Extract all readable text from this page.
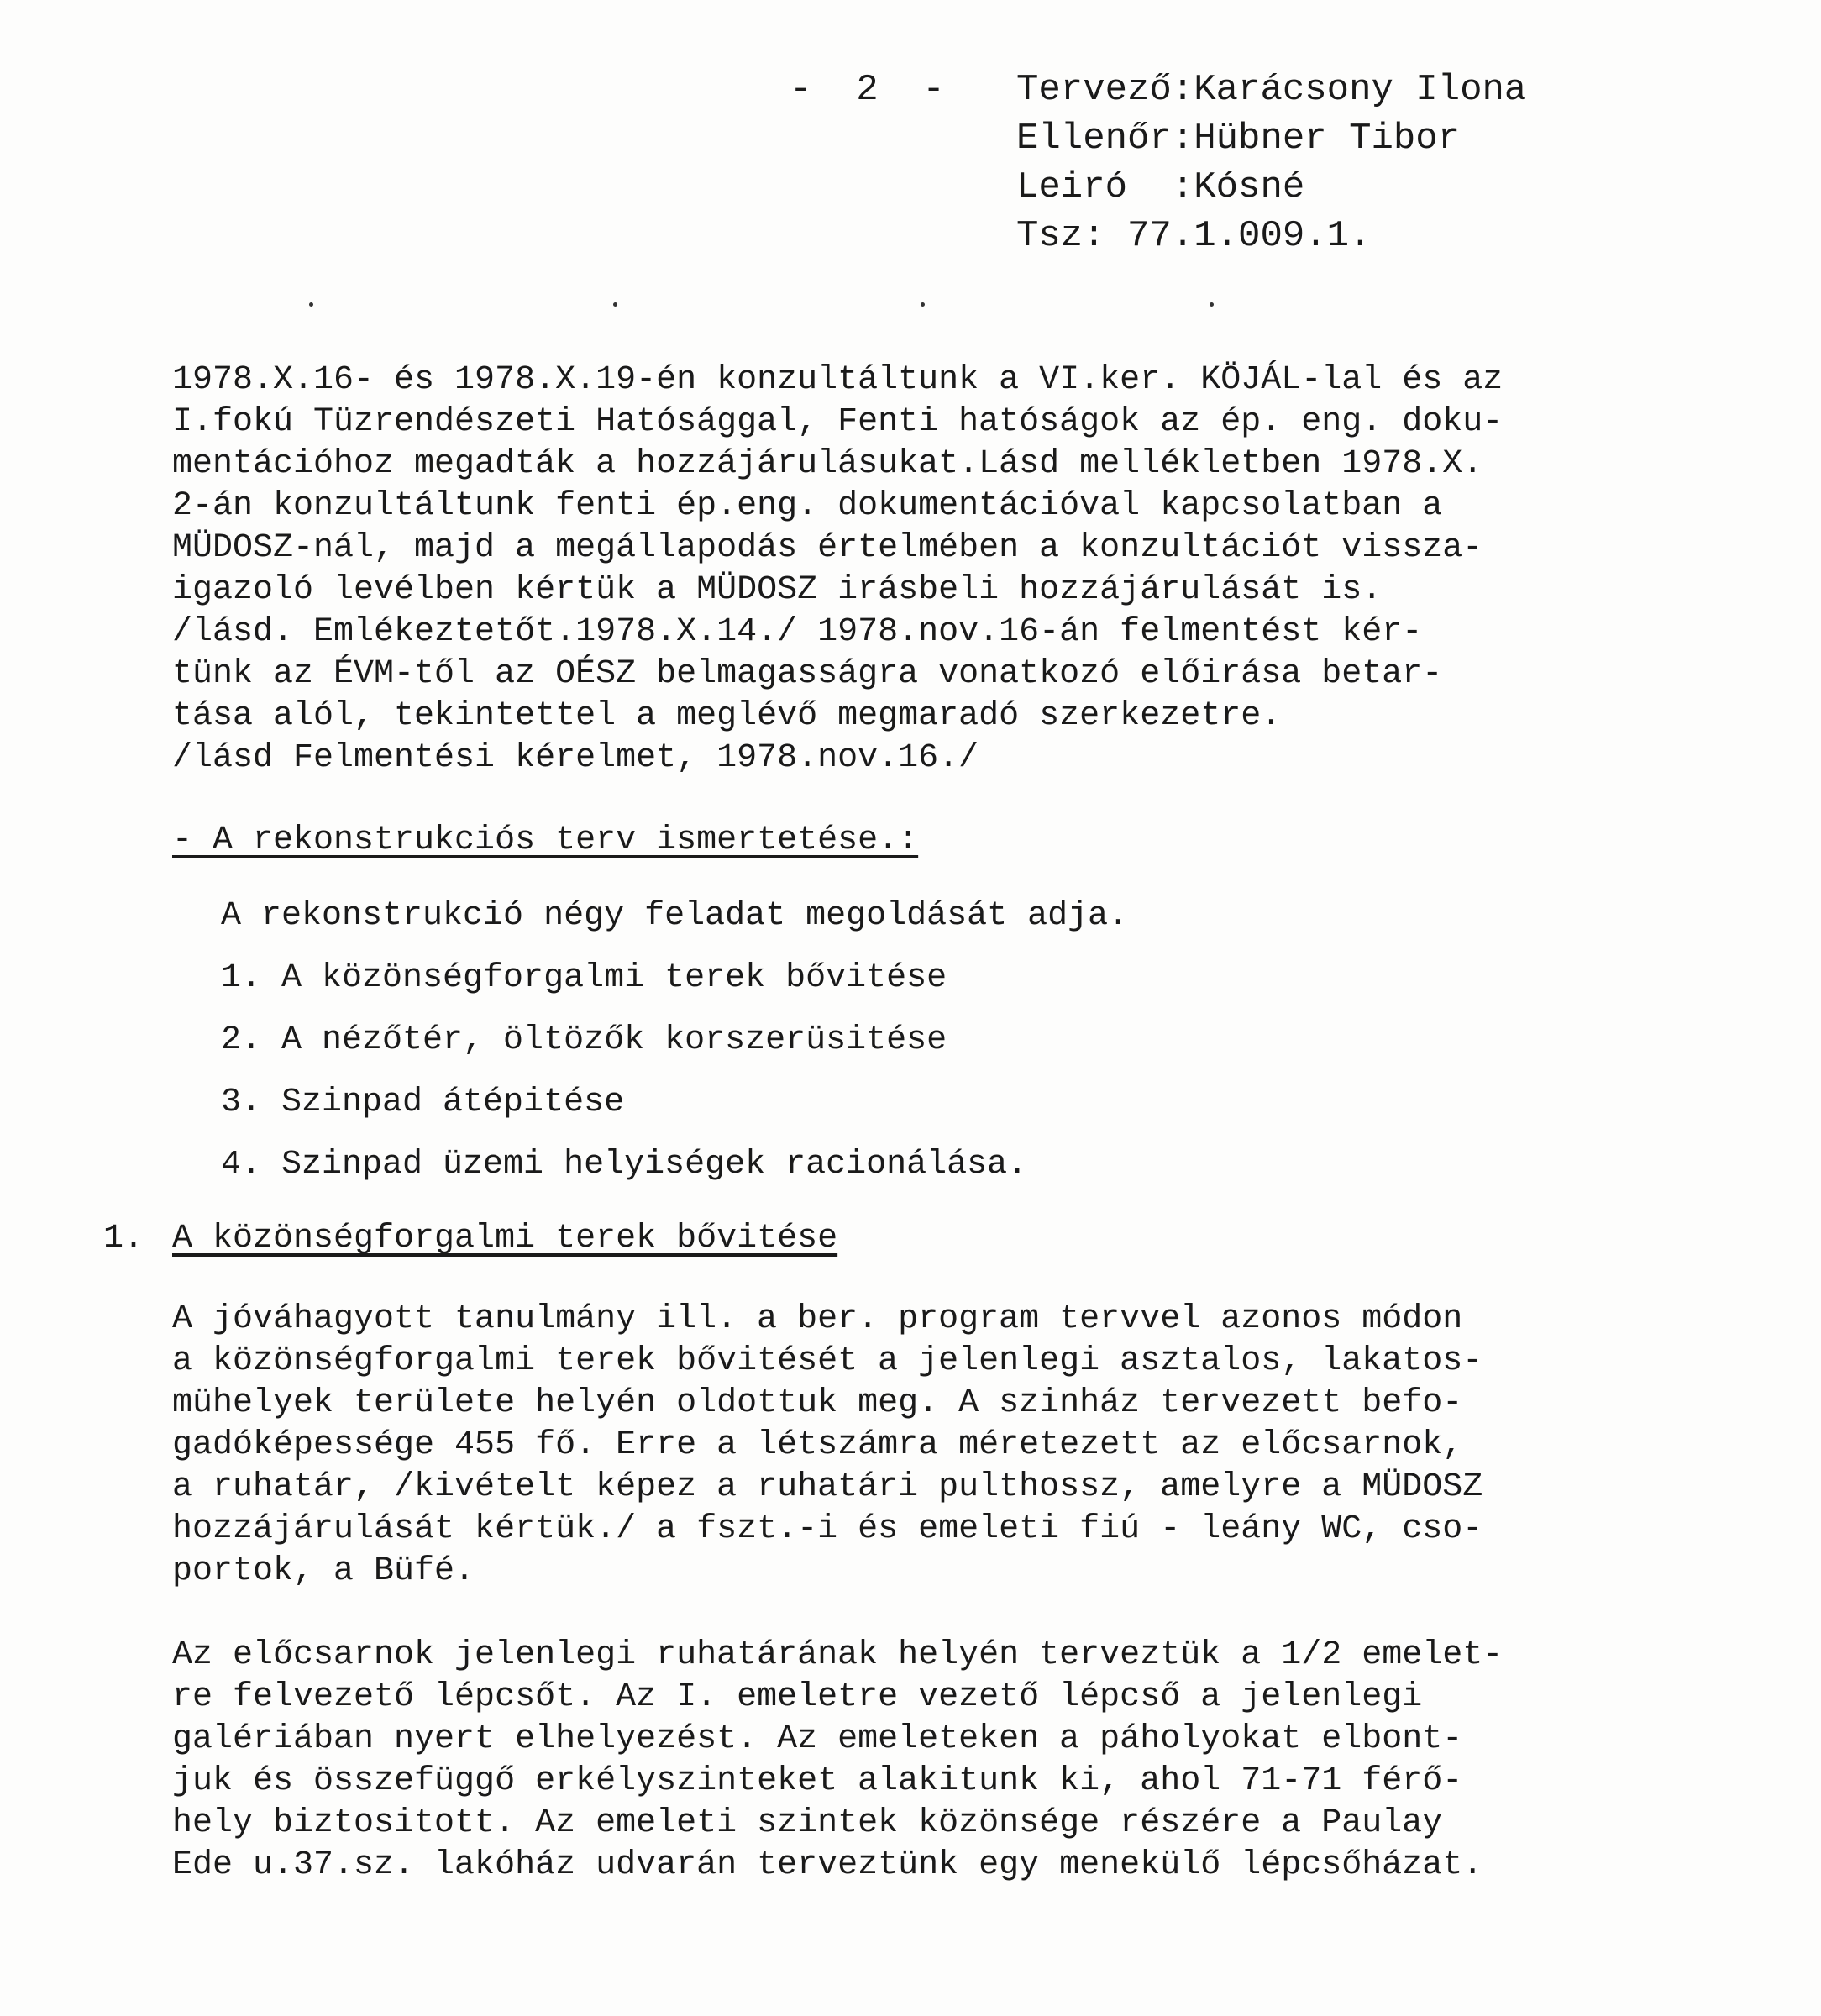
-  2  - Tervező	:	Karácsony Ilona
Ellenőr	:	Hübner Tibor
Leiró	:	Kósné
Tsz: 77.1.009.1.		

1978.X.16- és 1978.X.19-én konzultáltunk a VI.ker. KÖJÁL-lal és az

I.fokú Tüzrendészeti Hatósággal, Fenti hatóságok az ép. eng. doku-

mentációhoz megadták a hozzájárulásukat.Lásd mellékletben 1978.X.

2-án konzultáltunk fenti ép.eng. dokumentációval kapcsolatban a

MÜDOSZ-nál, majd a megállapodás értelmében a konzultációt vissza-

igazoló levélben kértük a MÜDOSZ irásbeli hozzájárulását is.

/lásd. Emlékeztetőt.1978.X.14./ 1978.nov.16-án felmentést kér-

tünk az ÉVM-től az OÉSZ belmagasságra vonatkozó előirása betar-

tása alól, tekintettel a meglévő megmaradó szerkezetre.

/lásd Felmentési kérelmet, 1978.nov.16./

- A rekonstrukciós terv ismertetése.:
A rekonstrukció négy feladat megoldását adja.
1. A közönségforgalmi terek bővitése
2. A nézőtér, öltözők korszerüsitése
3. Szinpad átépitése
4. Szinpad üzemi helyiségek racionálása.
1. A közönségforgalmi terek bővitése

A jóváhagyott tanulmány ill. a ber. program tervvel azonos módon

a közönségforgalmi terek bővitését a jelenlegi asztalos, lakatos-

mühelyek területe helyén oldottuk meg. A szinház tervezett befo-

gadóképessége 455 fő. Erre a létszámra méretezett az előcsarnok,

a ruhatár, /kivételt képez a ruhatári pulthossz, amelyre a MÜDOSZ

hozzájárulását kértük./ a fszt.-i és emeleti fiú - leány WC, cso-

portok, a Büfé.

Az előcsarnok jelenlegi ruhatárának helyén terveztük a 1/2 emelet-

re felvezető lépcsőt. Az I. emeletre vezető lépcső a jelenlegi

galériában nyert elhelyezést. Az emeleteken a páholyokat elbont-

juk és összefüggő erkélyszinteket alakitunk ki, ahol 71-71 férő-

hely biztositott. Az emeleti szintek közönsége részére a Paulay

Ede u.37.sz. lakóház udvarán terveztünk egy menekülő lépcsőházat.
